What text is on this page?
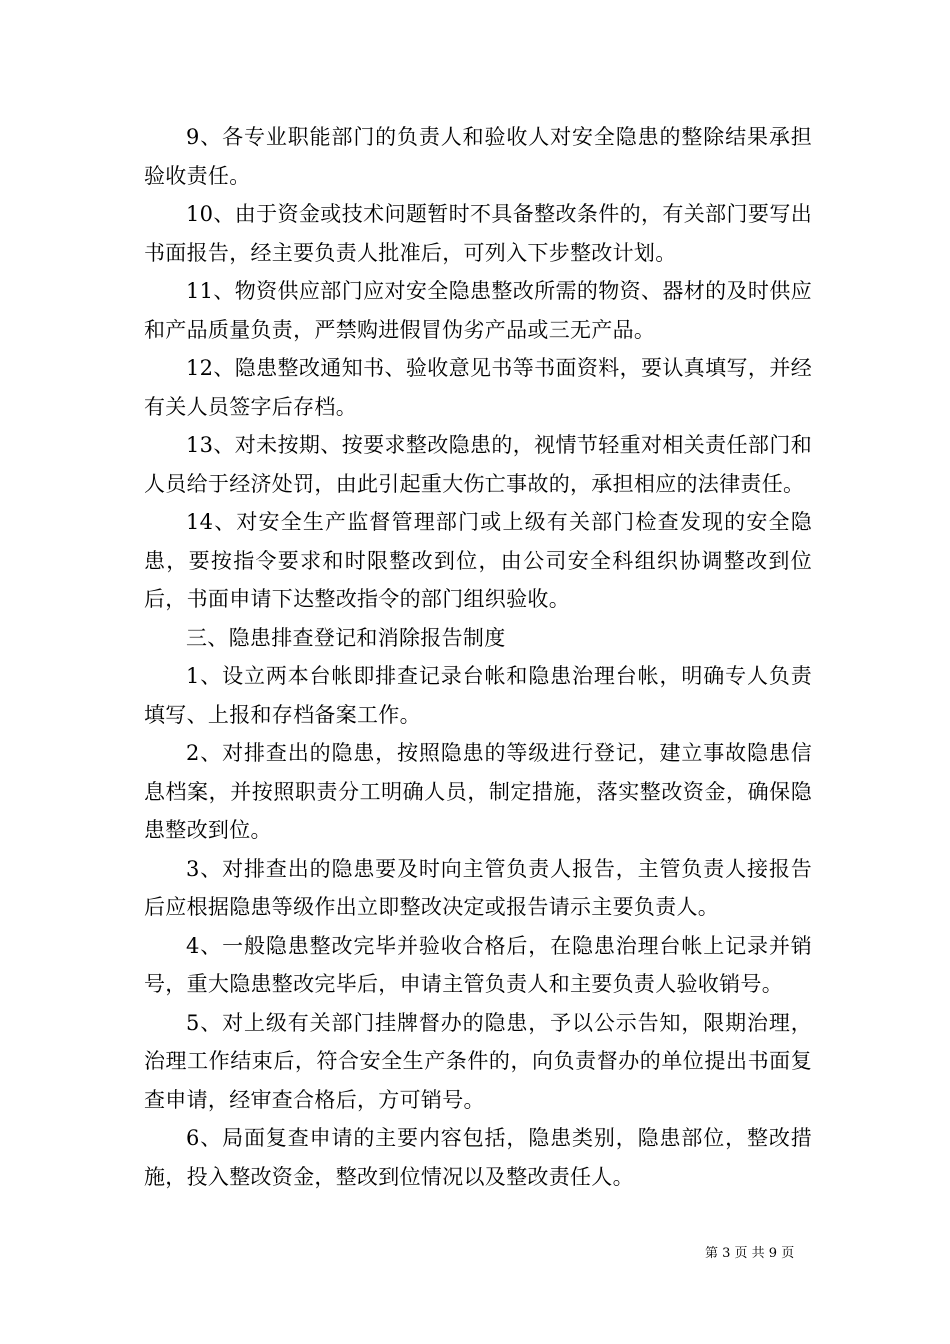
9、各专业职能部门的负责人和验收人对安全隐患的整除结果承担验收责任。

10、由于资金或技术问题暂时不具备整改条件的，有关部门要写出书面报告，经主要负责人批准后，可列入下步整改计划。

11、物资供应部门应对安全隐患整改所需的物资、器材的及时供应和产品质量负责，严禁购进假冒伪劣产品或三无产品。

12、隐患整改通知书、验收意见书等书面资料，要认真填写，并经有关人员签字后存档。

13、对未按期、按要求整改隐患的，视情节轻重对相关责任部门和人员给于经济处罚，由此引起重大伤亡事故的，承担相应的法律责任。

14、对安全生产监督管理部门或上级有关部门检查发现的安全隐患，要按指令要求和时限整改到位，由公司安全科组织协调整改到位后，书面申请下达整改指令的部门组织验收。

三、隐患排查登记和消除报告制度

1、设立两本台帐即排查记录台帐和隐患治理台帐，明确专人负责填写、上报和存档备案工作。

2、对排查出的隐患，按照隐患的等级进行登记，建立事故隐患信息档案，并按照职责分工明确人员，制定措施，落实整改资金，确保隐患整改到位。

3、对排查出的隐患要及时向主管负责人报告，主管负责人接报告后应根据隐患等级作出立即整改决定或报告请示主要负责人。

4、一般隐患整改完毕并验收合格后，在隐患治理台帐上记录并销号，重大隐患整改完毕后，申请主管负责人和主要负责人验收销号。

5、对上级有关部门挂牌督办的隐患，予以公示告知，限期治理，治理工作结束后，符合安全生产条件的，向负责督办的单位提出书面复查申请，经审查合格后，方可销号。

6、局面复查申请的主要内容包括，隐患类别，隐患部位，整改措施，投入整改资金，整改到位情况以及整改责任人。

第 3 页 共 9 页
